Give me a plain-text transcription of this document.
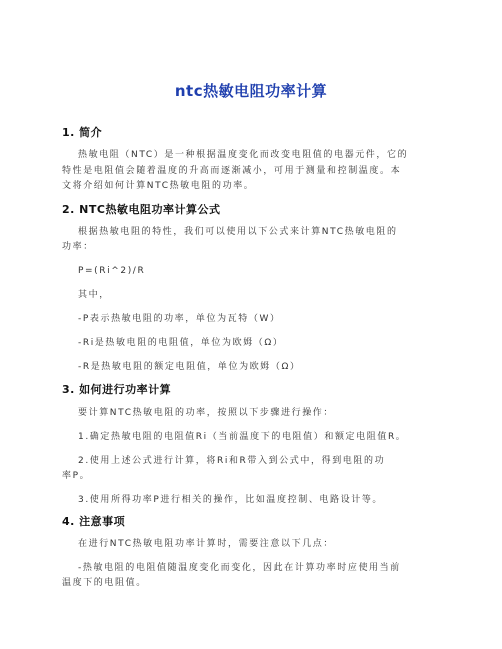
ntc热敏电阻功率计算
1. 简介
热敏电阻（NTC）是一种根据温度变化而改变电阻值的电器元件，它的
特性是电阻值会随着温度的升高而逐渐减小，可用于测量和控制温度。本
文将介绍如何计算NTC热敏电阻的功率。
2. NTC热敏电阻功率计算公式
根据热敏电阻的特性，我们可以使用以下公式来计算NTC热敏电阻的
功率：
P=(Ri^2)/R
其中，
-P表示热敏电阻的功率，单位为瓦特（W）
-Ri是热敏电阻的电阻值，单位为欧姆（Ω）
-R是热敏电阻的额定电阻值，单位为欧姆（Ω）
3. 如何进行功率计算
要计算NTC热敏电阻的功率，按照以下步骤进行操作：
1.确定热敏电阻的电阻值Ri（当前温度下的电阻值）和额定电阻值R。
2.使用上述公式进行计算，将Ri和R带入到公式中，得到电阻的功
率P。
3.使用所得功率P进行相关的操作，比如温度控制、电路设计等。
4. 注意事项
在进行NTC热敏电阻功率计算时，需要注意以下几点：
-热敏电阻的电阻值随温度变化而变化，因此在计算功率时应使用当前
温度下的电阻值。
